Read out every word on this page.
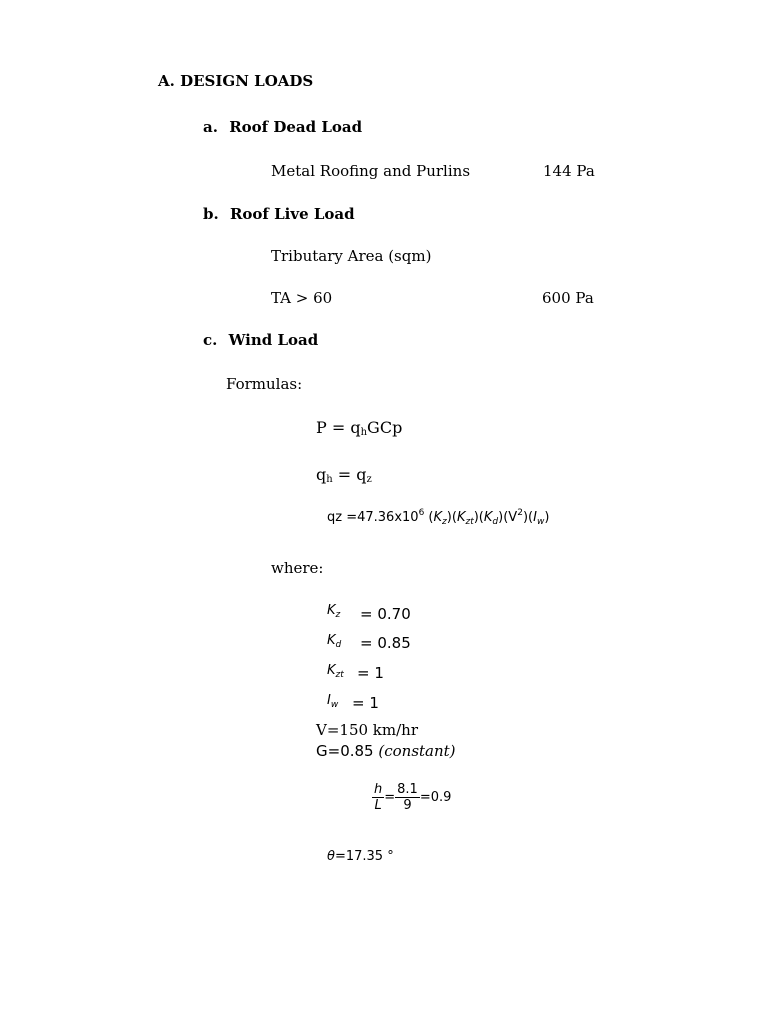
A. DESIGN LOADS
a. Roof Dead Load
Metal Roofing and Purlins	144 Pa
b. Roof Live Load
Tributary Area (sqm)
TA > 60	600 Pa
c. Wind Load
Formulas:
P = qhGCp
qh = qz
qz $=47.36x10^6$ $(K_z)(K_{zt})(K_d)(V^2)(I_w)$
where:
$K_z = 0.70$
$K_d = 0.85$
$K_{zt} = 1$
$I_w = 1$
V=150 km/hr
G=0.85 (constant)
$\frac{h}{L} = \frac{8.1}{9} =0.9$
θ=17.35 °
